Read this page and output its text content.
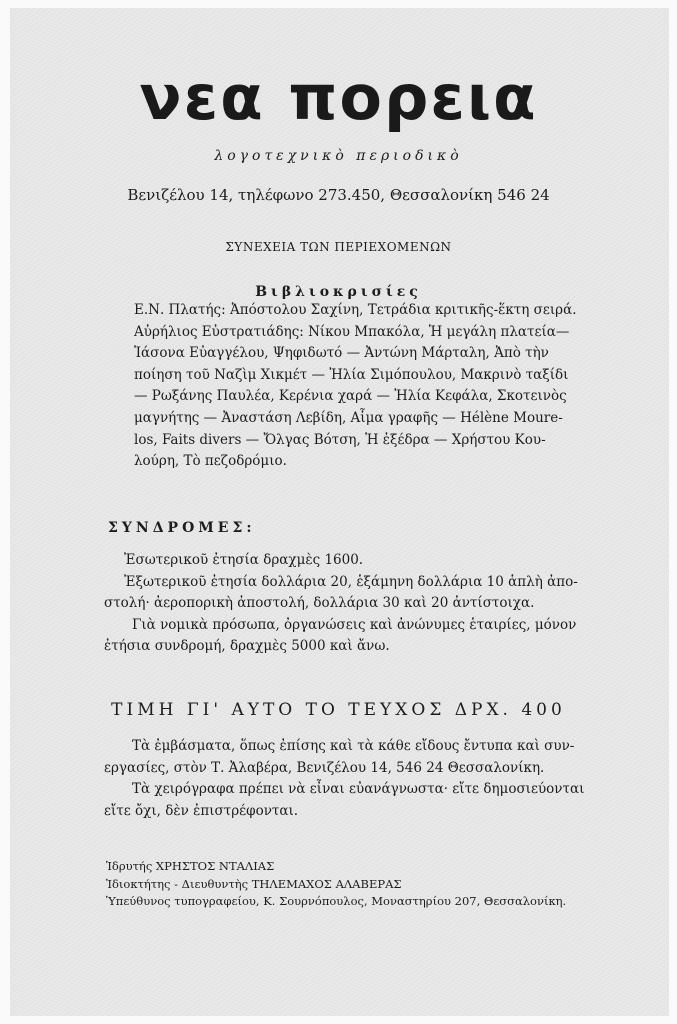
νεα πορεια
λογοτεχνικὸ περιοδικὸ
Βενιζέλου 14, τηλέφωνο 273.450, Θεσσαλονίκη 546 24
ΣΥΝΕΧΕΙΑ ΤΩΝ ΠΕΡΙΕΧΟΜΕΝΩΝ
Βιβλιοκρισίες
Ε.Ν. Πλατής: Ἀπόστολου Σαχίνη, Τετράδια κριτικῆς-ἕκτη σειρά.
Αὐρήλιος Εὐστρατιάδης: Νίκου Μπακόλα, Ἡ μεγάλη πλατεία—
Ἰάσονα Εὐαγγέλου, Ψηφιδωτό — Ἀντώνη Μάρταλη, Ἀπὸ τὴν
ποίηση τοῦ Ναζὶμ Χικμέτ — Ἠλία Σιμόπουλου, Μακρινὸ ταξίδι
— Ρωξάνης Παυλέα, Κερένια χαρά — Ἠλία Κεφάλα, Σκοτεινὸς
μαγνήτης — Ἀναστάση Λεβίδη, Αἷμα γραφῆς — Hélène Moure-
los, Faits divers — Ὄλγας Βότση, Ἡ ἐξέδρα — Χρήστου Κου-
λούρη, Τὸ πεζοδρόμιο.
ΣΥΝΔΡΟΜΕΣ:

Ἐσωτερικοῦ ἐτησία δραχμὲς 1600.

Ἐξωτερικοῦ ἐτησία δολλάρια 20, ἑξάμηνη δολλάρια 10 ἁπλὴ ἀπο-

στολή· ἀεροπορικὴ ἀποστολή, δολλάρια 30 καὶ 20 ἀντίστοιχα.

Γιὰ νομικὰ πρόσωπα, ὀργανώσεις καὶ ἀνώνυμες ἑταιρίες, μόνον

ἐτήσια συνδρομή, δραχμὲς 5000 καὶ ἄνω.

ΤΙΜΗ ΓΙ' ΑΥΤΟ ΤΟ ΤΕΥΧΟΣ ΔΡΧ. 400

Τὰ ἐμβάσματα, ὅπως ἐπίσης καὶ τὰ κάθε εἴδους ἔντυπα καὶ συν-

εργασίες, στὸν Τ. Ἀλαβέρα, Βενιζέλου 14, 546 24 Θεσσαλονίκη.

Τὰ χειρόγραφα πρέπει νὰ εἶναι εὐανάγνωστα· εἴτε δημοσιεύονται

εἴτε ὄχι, δὲν ἐπιστρέφονται.

Ἱδρυτής ΧΡΗΣΤΟΣ ΝΤΑΛΙΑΣ
Ἰδιοκτήτης - Διευθυντὴς ΤΗΛΕΜΑΧΟΣ ΑΛΑΒΕΡΑΣ
Ὑπεύθυνος τυπογραφείου, Κ. Σουρνόπουλος, Μοναστηρίου 207, Θεσσαλονίκη.
